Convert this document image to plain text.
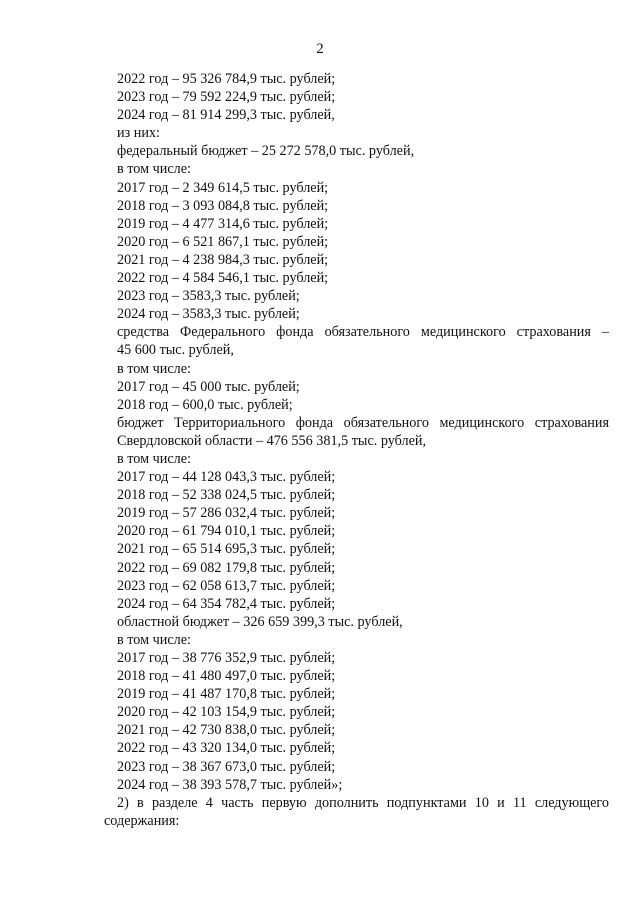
2
2022 год – 95 326 784,9 тыс. рублей;
2023 год – 79 592 224,9 тыс. рублей;
2024 год – 81 914 299,3 тыс. рублей,
из них:
федеральный бюджет – 25 272 578,0 тыс. рублей,
в том числе:
2017 год – 2 349 614,5 тыс. рублей;
2018 год – 3 093 084,8 тыс. рублей;
2019 год – 4 477 314,6 тыс. рублей;
2020 год – 6 521 867,1 тыс. рублей;
2021 год – 4 238 984,3 тыс. рублей;
2022 год – 4 584 546,1 тыс. рублей;
2023 год – 3583,3 тыс. рублей;
2024 год – 3583,3 тыс. рублей;
средства Федерального фонда обязательного медицинского страхования –
45 600 тыс. рублей,
в том числе:
2017 год – 45 000 тыс. рублей;
2018 год – 600,0 тыс. рублей;
бюджет Территориального фонда обязательного медицинского страхования
Свердловской области – 476 556 381,5 тыс. рублей,
в том числе:
2017 год – 44 128 043,3 тыс. рублей;
2018 год – 52 338 024,5 тыс. рублей;
2019 год – 57 286 032,4 тыс. рублей;
2020 год – 61 794 010,1 тыс. рублей;
2021 год – 65 514 695,3 тыс. рублей;
2022 год – 69 082 179,8 тыс. рублей;
2023 год – 62 058 613,7 тыс. рублей;
2024 год – 64 354 782,4 тыс. рублей;
областной бюджет – 326 659 399,3 тыс. рублей,
в том числе:
2017 год – 38 776 352,9 тыс. рублей;
2018 год – 41 480 497,0 тыс. рублей;
2019 год – 41 487 170,8 тыс. рублей;
2020 год – 42 103 154,9 тыс. рублей;
2021 год – 42 730 838,0 тыс. рублей;
2022 год – 43 320 134,0 тыс. рублей;
2023 год – 38 367 673,0 тыс. рублей;
2024 год – 38 393 578,7 тыс. рублей»;
2) в разделе 4 часть первую дополнить подпунктами 10 и 11 следующего
содержания:
